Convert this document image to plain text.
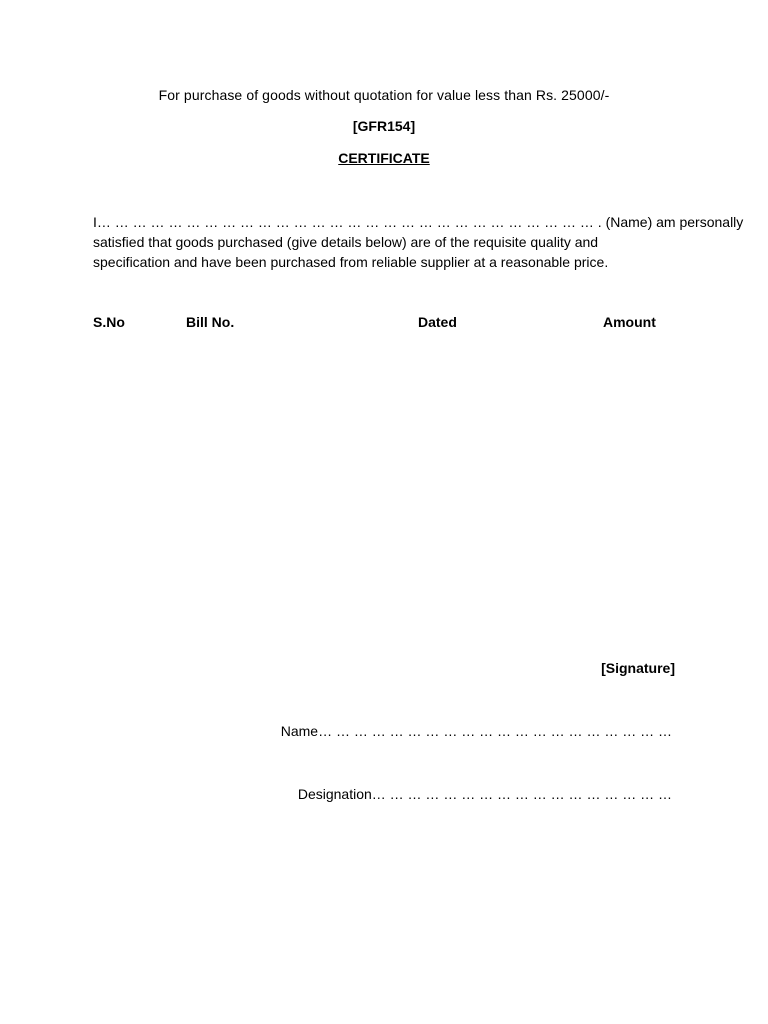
For purchase of goods without quotation for value less than Rs. 25000/-
[GFR154]
CERTIFICATE
I… … … … … … … … … … … … … … … … … … … … … … … … … … … … . (Name) am personally
satisfied that goods purchased (give details below) are of the requisite quality and
specification and have been purchased from reliable supplier at a reasonable price.
S.No	Bill No.	Dated	Amount
[Signature]
Name… … … … … … … … … … … … … … … … … … … …
Designation… … … … … … … … … … … … … … … … …
